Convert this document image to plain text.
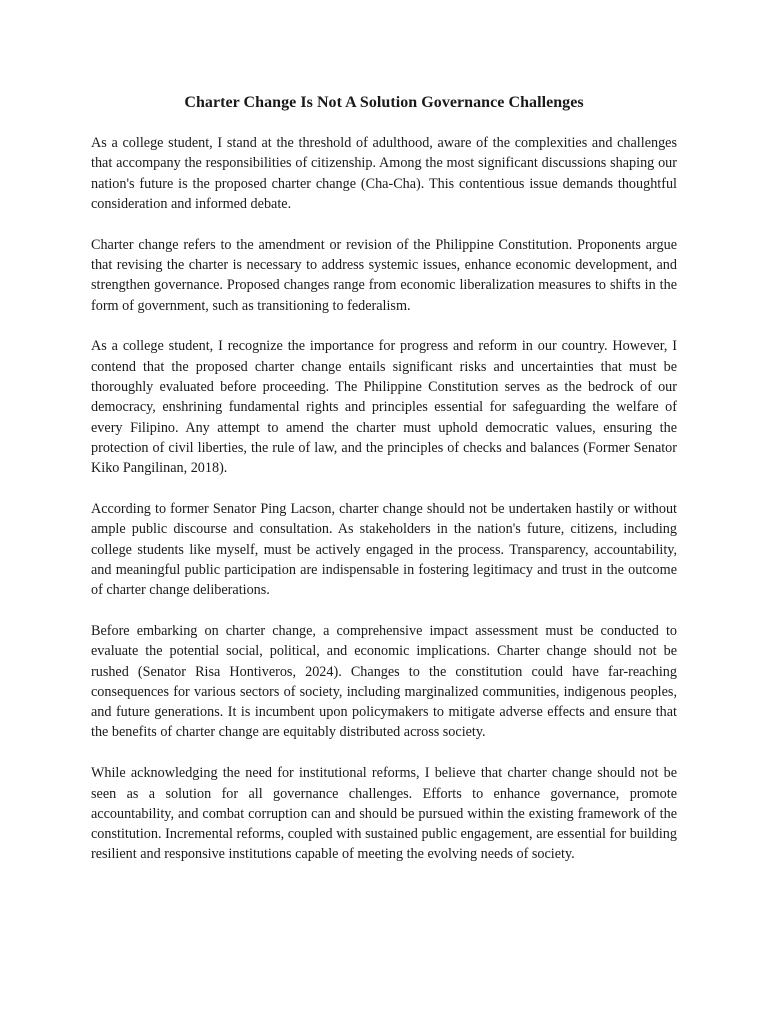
Charter Change Is Not A Solution Governance Challenges

As a college student, I stand at the threshold of adulthood, aware of the complexities and challenges that accompany the responsibilities of citizenship. Among the most significant discussions shaping our nation's future is the proposed charter change (Cha-Cha). This contentious issue demands thoughtful consideration and informed debate.

Charter change refers to the amendment or revision of the Philippine Constitution. Proponents argue that revising the charter is necessary to address systemic issues, enhance economic development, and strengthen governance. Proposed changes range from economic liberalization measures to shifts in the form of government, such as transitioning to federalism.

As a college student, I recognize the importance for progress and reform in our country. However, I contend that the proposed charter change entails significant risks and uncertainties that must be thoroughly evaluated before proceeding. The Philippine Constitution serves as the bedrock of our democracy, enshrining fundamental rights and principles essential for safeguarding the welfare of every Filipino. Any attempt to amend the charter must uphold democratic values, ensuring the protection of civil liberties, the rule of law, and the principles of checks and balances (Former Senator Kiko Pangilinan, 2018).

According to former Senator Ping Lacson, charter change should not be undertaken hastily or without ample public discourse and consultation. As stakeholders in the nation's future, citizens, including college students like myself, must be actively engaged in the process. Transparency, accountability, and meaningful public participation are indispensable in fostering legitimacy and trust in the outcome of charter change deliberations.

Before embarking on charter change, a comprehensive impact assessment must be conducted to evaluate the potential social, political, and economic implications. Charter change should not be rushed (Senator Risa Hontiveros, 2024). Changes to the constitution could have far-reaching consequences for various sectors of society, including marginalized communities, indigenous peoples, and future generations. It is incumbent upon policymakers to mitigate adverse effects and ensure that the benefits of charter change are equitably distributed across society.

While acknowledging the need for institutional reforms, I believe that charter change should not be seen as a solution for all governance challenges. Efforts to enhance governance, promote accountability, and combat corruption can and should be pursued within the existing framework of the constitution. Incremental reforms, coupled with sustained public engagement, are essential for building resilient and responsive institutions capable of meeting the evolving needs of society.
